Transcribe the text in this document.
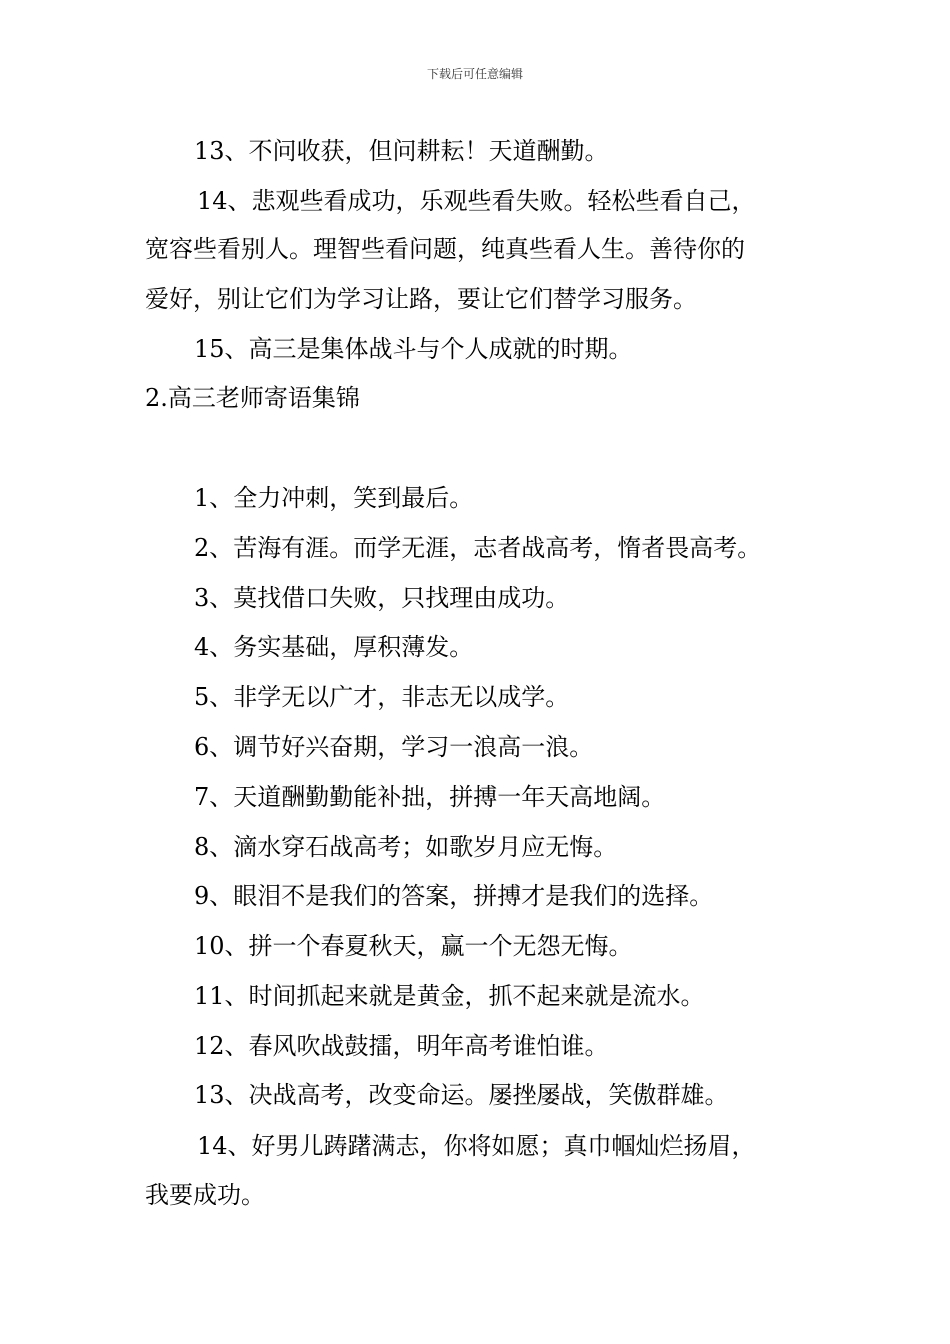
下载后可任意编辑
13、不问收获，但问耕耘！天道酬勤。
14、悲观些看成功，乐观些看失败。轻松些看自己，
宽容些看别人。理智些看问题，纯真些看人生。善待你的
爱好，别让它们为学习让路，要让它们替学习服务。
15、高三是集体战斗与个人成就的时期。
2.高三老师寄语集锦
1、全力冲刺，笑到最后。
2、苦海有涯。而学无涯，志者战高考，惰者畏高考。
3、莫找借口失败，只找理由成功。
4、务实基础，厚积薄发。
5、非学无以广才，非志无以成学。
6、调节好兴奋期，学习一浪高一浪。
7、天道酬勤勤能补拙，拼搏一年天高地阔。
8、滴水穿石战高考；如歌岁月应无悔。
9、眼泪不是我们的答案，拼搏才是我们的选择。
10、拼一个春夏秋天，赢一个无怨无悔。
11、时间抓起来就是黄金，抓不起来就是流水。
12、春风吹战鼓擂，明年高考谁怕谁。
13、决战高考，改变命运。屡挫屡战，笑傲群雄。
14、好男儿踌躇满志，你将如愿；真巾帼灿烂扬眉，
我要成功。
